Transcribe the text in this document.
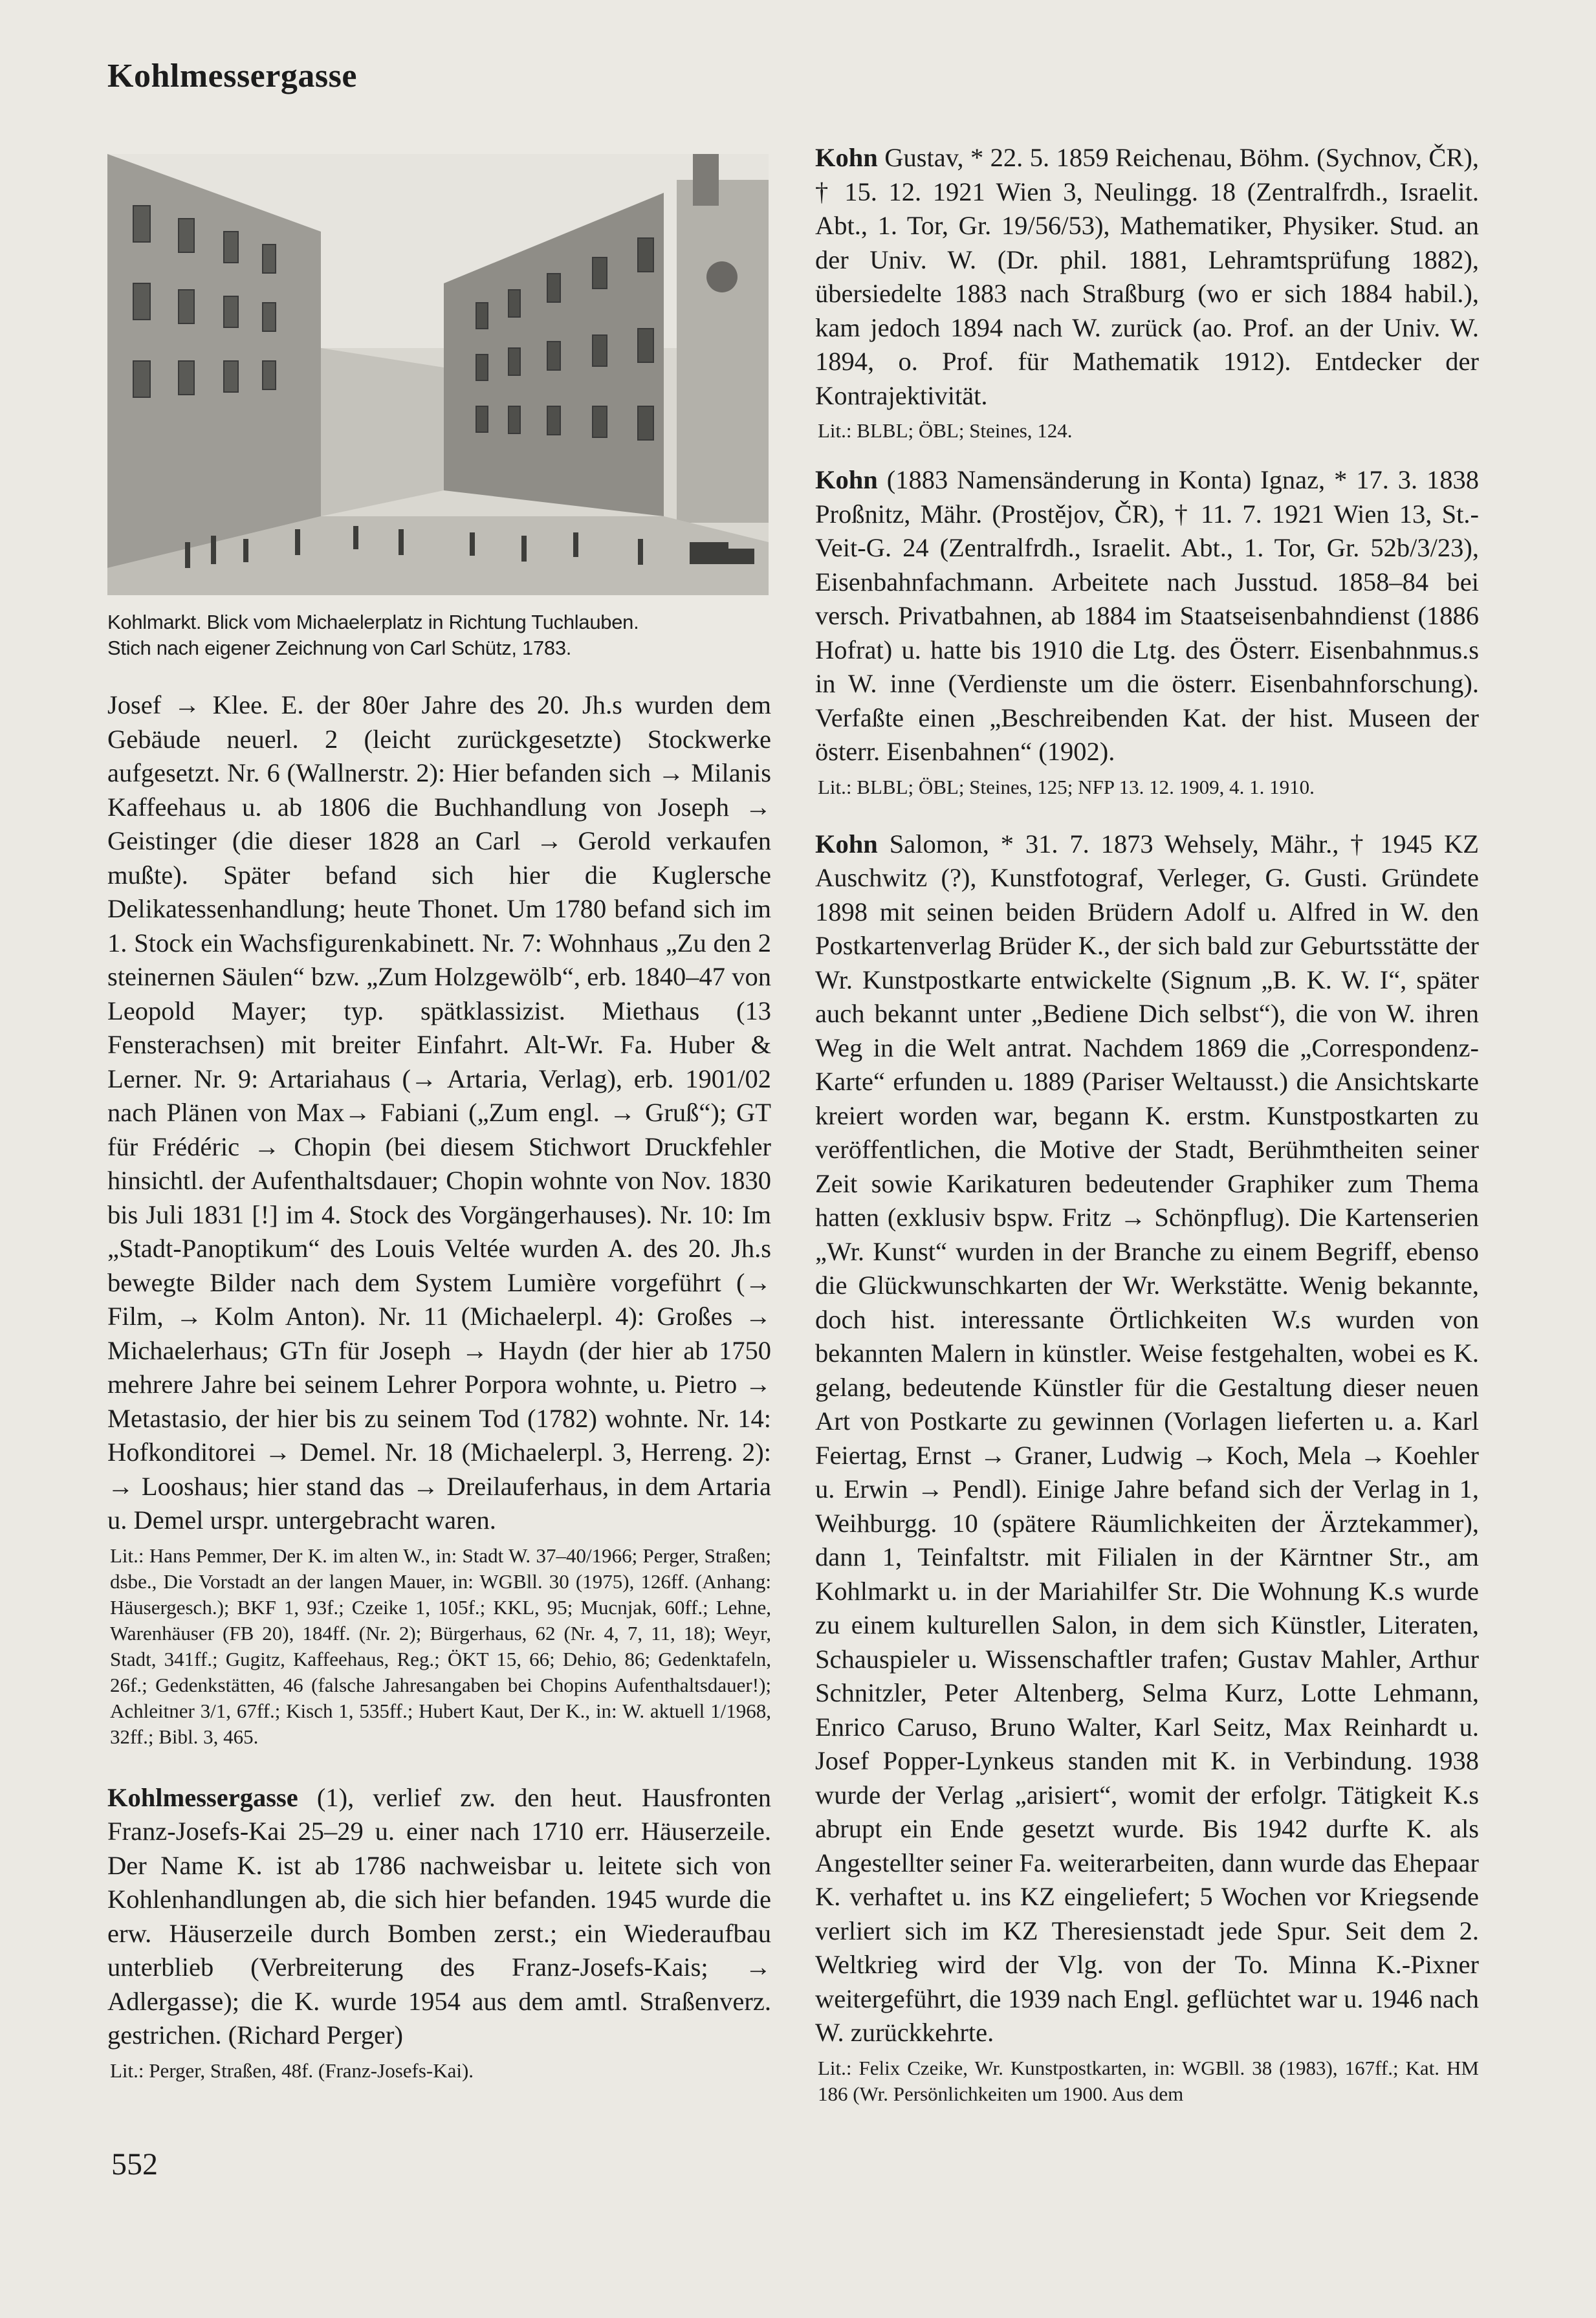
Kohlmessergasse

Kohlmarkt. Blick vom Michaelerplatz in Richtung Tuchlauben.

Stich nach eigener Zeichnung von Carl Schütz, 1783.

Josef → Klee. E. der 80er Jahre des 20. Jh.s wurden dem Gebäude neuerl. 2 (leicht zurückgesetzte) Stockwerke aufgesetzt. Nr. 6 (Wallnerstr. 2): Hier befanden sich → Milanis Kaffeehaus u. ab 1806 die Buchhandlung von Joseph → Geistinger (die dieser 1828 an Carl → Gerold verkaufen mußte). Später befand sich hier die Kuglersche Delikatessenhandlung; heute Thonet. Um 1780 befand sich im 1. Stock ein Wachsfigurenkabinett. Nr. 7: Wohnhaus „Zu den 2 steinernen Säulen“ bzw. „Zum Holzgewölb“, erb. 1840–47 von Leopold Mayer; typ. spätklassizist. Miethaus (13 Fensterachsen) mit breiter Einfahrt. Alt-Wr. Fa. Huber & Lerner. Nr. 9: Artariahaus (→ Artaria, Verlag), erb. 1901/02 nach Plänen von Max→ Fabiani („Zum engl. → Gruß“); GT für Frédéric → Chopin (bei diesem Stichwort Druckfehler hinsichtl. der Aufenthaltsdauer; Chopin wohnte von Nov. 1830 bis Juli 1831 [!] im 4. Stock des Vorgängerhauses). Nr. 10: Im „Stadt-Panoptikum“ des Louis Veltée wurden A. des 20. Jh.s bewegte Bilder nach dem System Lumière vorgeführt (→ Film, → Kolm Anton). Nr. 11 (Michaelerpl. 4): Großes → Michaelerhaus; GTn für Joseph → Haydn (der hier ab 1750 mehrere Jahre bei seinem Lehrer Porpora wohnte, u. Pietro → Metastasio, der hier bis zu seinem Tod (1782) wohnte. Nr. 14: Hofkonditorei → Demel. Nr. 18 (Michaelerpl. 3, Herreng. 2): → Looshaus; hier stand das → Dreilauferhaus, in dem Artaria u. Demel urspr. untergebracht waren.

Lit.: Hans Pemmer, Der K. im alten W., in: Stadt W. 37–40/1966; Perger, Straßen; dsbe., Die Vorstadt an der langen Mauer, in: WGBll. 30 (1975), 126ff. (Anhang: Häusergesch.); BKF 1, 93f.; Czeike 1, 105f.; KKL, 95; Mucnjak, 60ff.; Lehne, Warenhäuser (FB 20), 184ff. (Nr. 2); Bürgerhaus, 62 (Nr. 4, 7, 11, 18); Weyr, Stadt, 341ff.; Gugitz, Kaffeehaus, Reg.; ÖKT 15, 66; Dehio, 86; Gedenktafeln, 26f.; Gedenkstätten, 46 (falsche Jahresangaben bei Chopins Aufenthaltsdauer!); Achleitner 3/1, 67ff.; Kisch 1, 535ff.; Hubert Kaut, Der K., in: W. aktuell 1/1968, 32ff.; Bibl. 3, 465.

Kohlmessergasse (1), verlief zw. den heut. Hausfronten Franz-Josefs-Kai 25–29 u. einer nach 1710 err. Häuserzeile. Der Name K. ist ab 1786 nachweisbar u. leitete sich von Kohlenhandlungen ab, die sich hier befanden. 1945 wurde die erw. Häuserzeile durch Bomben zerst.; ein Wiederaufbau unterblieb (Verbreiterung des Franz-Josefs-Kais; → Adlergasse); die K. wurde 1954 aus dem amtl. Straßenverz. gestrichen. (Richard Perger)

Lit.: Perger, Straßen, 48f. (Franz-Josefs-Kai).

Kohn Gustav, * 22. 5. 1859 Reichenau, Böhm. (Sychnov, ČR), † 15. 12. 1921 Wien 3, Neulingg. 18 (Zentralfrdh., Israelit. Abt., 1. Tor, Gr. 19/56/53), Mathematiker, Physiker. Stud. an der Univ. W. (Dr. phil. 1881, Lehramtsprüfung 1882), übersiedelte 1883 nach Straßburg (wo er sich 1884 habil.), kam jedoch 1894 nach W. zurück (ao. Prof. an der Univ. W. 1894, o. Prof. für Mathematik 1912). Entdecker der Kontrajektivität.

Lit.: BLBL; ÖBL; Steines, 124.

Kohn (1883 Namensänderung in Konta) Ignaz, * 17. 3. 1838 Proßnitz, Mähr. (Prostějov, ČR), † 11. 7. 1921 Wien 13, St.-Veit-G. 24 (Zentralfrdh., Israelit. Abt., 1. Tor, Gr. 52b/3/23), Eisenbahnfachmann. Arbeitete nach Jusstud. 1858–84 bei versch. Privatbahnen, ab 1884 im Staatseisenbahndienst (1886 Hofrat) u. hatte bis 1910 die Ltg. des Österr. Eisenbahnmus.s in W. inne (Verdienste um die österr. Eisenbahnforschung). Verfaßte einen „Beschreibenden Kat. der hist. Museen der österr. Eisenbahnen“ (1902).

Lit.: BLBL; ÖBL; Steines, 125; NFP 13. 12. 1909, 4. 1. 1910.

Kohn Salomon, * 31. 7. 1873 Wehsely, Mähr., † 1945 KZ Auschwitz (?), Kunstfotograf, Verleger, G. Gusti. Gründete 1898 mit seinen beiden Brüdern Adolf u. Alfred in W. den Postkartenverlag Brüder K., der sich bald zur Geburtsstätte der Wr. Kunstpostkarte entwickelte (Signum „B. K. W. I“, später auch bekannt unter „Bediene Dich selbst“), die von W. ihren Weg in die Welt antrat. Nachdem 1869 die „Correspondenz-Karte“ erfunden u. 1889 (Pariser Weltausst.) die Ansichtskarte kreiert worden war, begann K. erstm. Kunstpostkarten zu veröffentlichen, die Motive der Stadt, Berühmtheiten seiner Zeit sowie Karikaturen bedeutender Graphiker zum Thema hatten (exklusiv bspw. Fritz → Schönpflug). Die Kartenserien „Wr. Kunst“ wurden in der Branche zu einem Begriff, ebenso die Glückwunschkarten der Wr. Werkstätte. Wenig bekannte, doch hist. interessante Örtlichkeiten W.s wurden von bekannten Malern in künstler. Weise festgehalten, wobei es K. gelang, bedeutende Künstler für die Gestaltung dieser neuen Art von Postkarte zu gewinnen (Vorlagen lieferten u. a. Karl Feiertag, Ernst → Graner, Ludwig → Koch, Mela → Koehler u. Erwin → Pendl). Einige Jahre befand sich der Verlag in 1, Weihburgg. 10 (spätere Räumlichkeiten der Ärztekammer), dann 1, Teinfaltstr. mit Filialen in der Kärntner Str., am Kohlmarkt u. in der Mariahilfer Str. Die Wohnung K.s wurde zu einem kulturellen Salon, in dem sich Künstler, Literaten, Schauspieler u. Wissenschaftler trafen; Gustav Mahler, Arthur Schnitzler, Peter Altenberg, Selma Kurz, Lotte Lehmann, Enrico Caruso, Bruno Walter, Karl Seitz, Max Reinhardt u. Josef Popper-Lynkeus standen mit K. in Verbindung. 1938 wurde der Verlag „arisiert“, womit der erfolgr. Tätigkeit K.s abrupt ein Ende gesetzt wurde. Bis 1942 durfte K. als Angestellter seiner Fa. weiterarbeiten, dann wurde das Ehepaar K. verhaftet u. ins KZ eingeliefert; 5 Wochen vor Kriegsende verliert sich im KZ Theresienstadt jede Spur. Seit dem 2. Weltkrieg wird der Vlg. von der To. Minna K.-Pixner weitergeführt, die 1939 nach Engl. geflüchtet war u. 1946 nach W. zurückkehrte.

Lit.: Felix Czeike, Wr. Kunstpostkarten, in: WGBll. 38 (1983), 167ff.; Kat. HM 186 (Wr. Persönlichkeiten um 1900. Aus dem

552
